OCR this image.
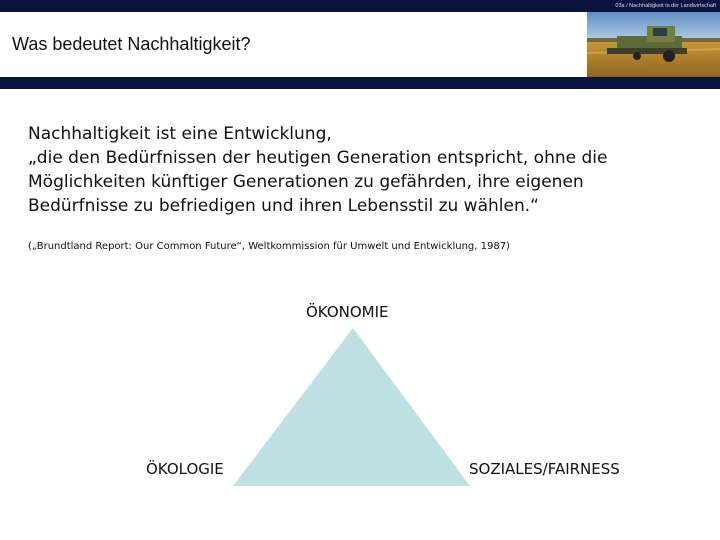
03a / Nachhaltigkeit in der Landwirtschaft
Was bedeutet Nachhaltigkeit?
Nachhaltigkeit ist eine Entwicklung,
„die den Bedürfnissen der heutigen Generation entspricht, ohne die
Möglichkeiten künftiger Generationen zu gefährden, ihre eigenen
Bedürfnisse zu befriedigen und ihren Lebensstil zu wählen.“
(„Brundtland Report: Our Common Future“, Weltkommission für Umwelt und Entwicklung, 1987)
ÖKONOMIE
ÖKOLOGIE	SOZIALES/FAIRNESS
